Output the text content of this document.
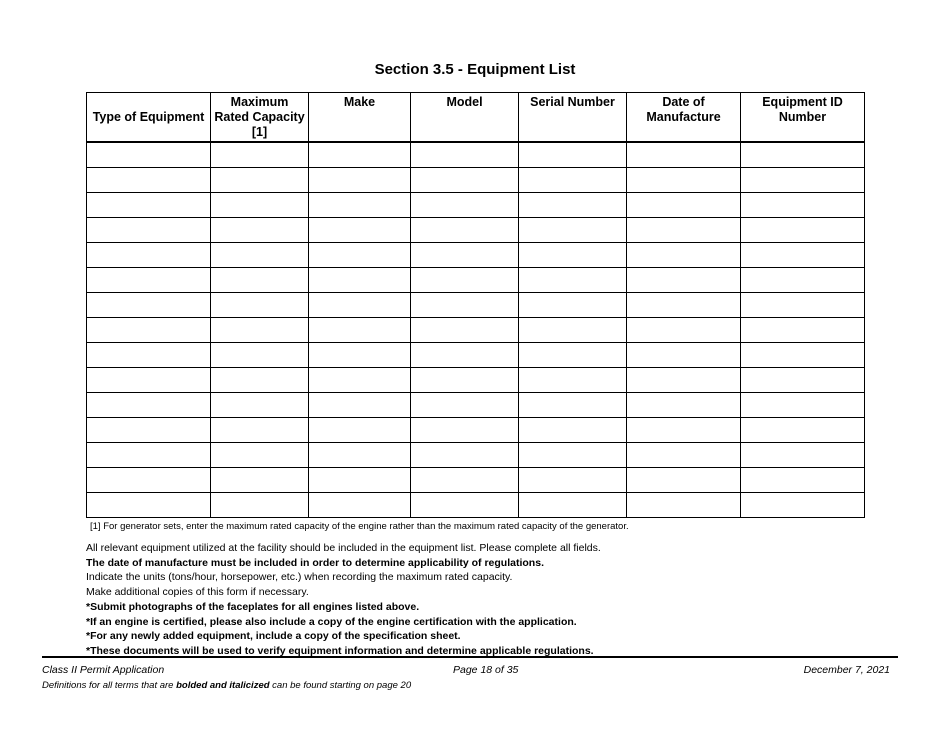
Section 3.5 - Equipment List
Type of Equipment	Maximum Rated Capacity [1]	Make	Model	Serial Number	Date of Manufacture	Equipment ID Number

[1] For generator sets, enter the maximum rated capacity of the engine rather than the maximum rated capacity of the generator.
All relevant equipment utilized at the facility should be included in the equipment list. Please complete all fields.
The date of manufacture must be included in order to determine applicability of regulations.
Indicate the units (tons/hour, horsepower, etc.) when recording the maximum rated capacity.
Make additional copies of this form if necessary.
*Submit photographs of the faceplates for all engines listed above.
*If an engine is certified, please also include a copy of the engine certification with the application.
*For any newly added equipment, include a copy of the specification sheet.
*These documents will be used to verify equipment information and determine applicable regulations.
Class II Permit Application	Page 18 of 35	December 7, 2021
Definitions for all terms that are bolded and italicized can be found starting on page 20
